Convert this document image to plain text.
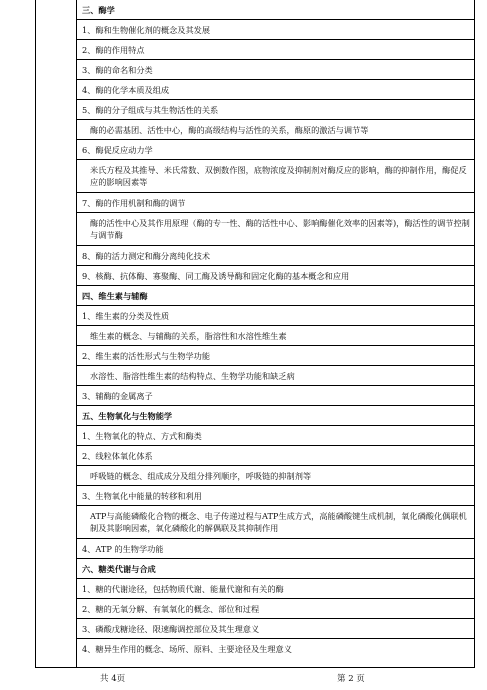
三、酶学
1、酶和生物催化剂的概念及其发展
2、酶的作用特点
3、酶的命名和分类
4、酶的化学本质及组成
5、酶的分子组成与其生物活性的关系
酶的必需基团、活性中心，酶的高级结构与活性的关系，酶原的激活与调节等
6、酶促反应动力学
米氏方程及其推导、米氏常数、双倒数作图，底物浓度及抑制剂对酶反应的影响，酶的抑制作用，酶促反应的影响因素等
7、酶的作用机制和酶的调节
酶的活性中心及其作用原理（酶的专一性、酶的活性中心、影响酶催化效率的因素等)，酶活性的调节控制与调节酶
8、酶的活力测定和酶分离纯化技术
9、核酶、抗体酶、寡聚酶、同工酶及诱导酶和固定化酶的基本概念和应用
四、维生素与辅酶
1、维生素的分类及性质
维生素的概念、与辅酶的关系，脂溶性和水溶性维生素
2、维生素的活性形式与生物学功能
水溶性、脂溶性维生素的结构特点、生物学功能和缺乏病
3、辅酶的金属离子
五、生物氧化与生物能学
1、生物氧化的特点、方式和酶类
2、线粒体氧化体系
呼吸链的概念、组成成分及组分排列顺序，呼吸链的抑制剂等
3、生物氧化中能量的转移和利用
ATP与高能磷酸化合物的概念、电子传递过程与ATP生成方式，高能磷酸键生成机制，氧化磷酸化偶联机制及其影响因素，氧化磷酸化的解偶联及其抑制作用
4、ATP 的生物学功能
六、糖类代谢与合成
1、糖的代谢途径，包括物质代谢、能量代谢和有关的酶
2、糖的无氧分解、有氧氧化的概念、部位和过程
3、磷酸戊糖途径、限速酶调控部位及其生理意义
4、糖异生作用的概念、场所、原料、主要途径及生理意义
共 4页	第 2 页
